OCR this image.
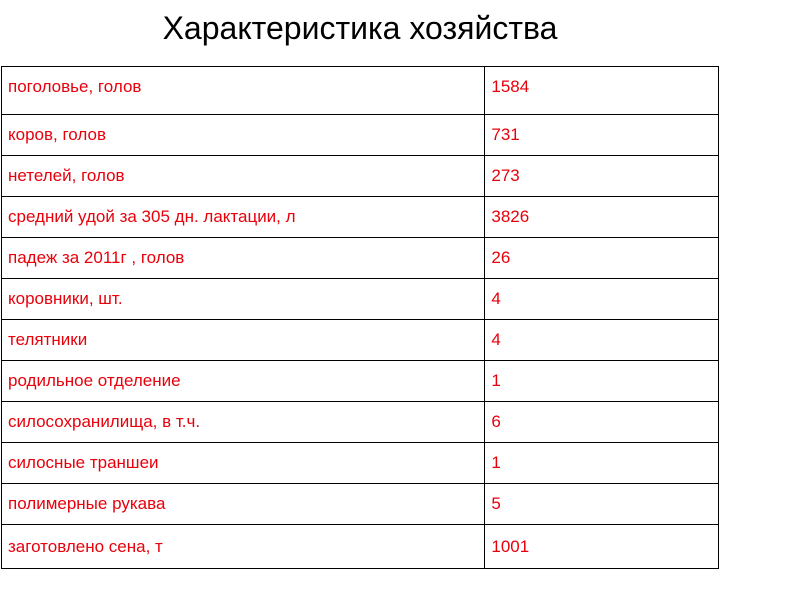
Характеристика хозяйства
поголовье, голов	1584
коров, голов	731
нетелей, голов	273
средний удой за 305 дн. лактации, л	3826
падеж за 2011г , голов	26
коровники, шт.	4
телятники	4
родильное отделение	1
силосохранилища, в т.ч.	6
силосные траншеи	1
полимерные рукава	5
заготовлено сена, т	1001
